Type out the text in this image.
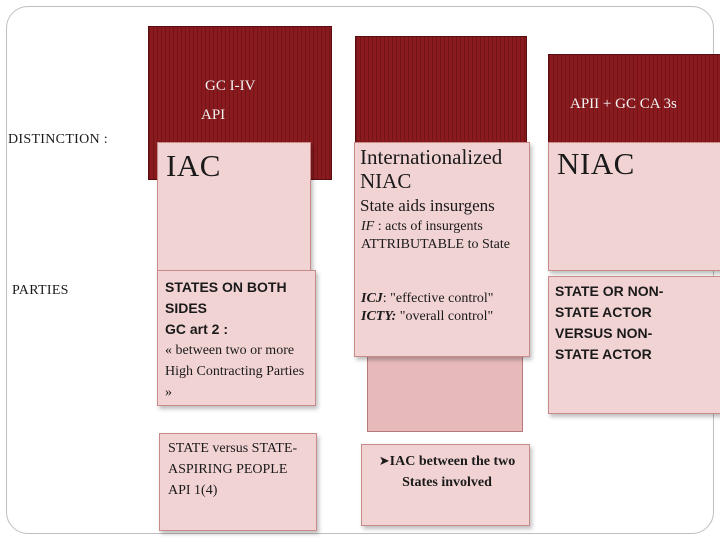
DISTINCTION :
PARTIES
GC I-IV
API
IAC
STATES ON BOTH SIDES
GC art 2 :
« between two or more High Contracting Parties »
STATE versus STATE-ASPIRING PEOPLE API 1(4)
Internationalized NIAC
State aids insurgens
IF : acts of insurgents ATTRIBUTABLE to State
ICJ: "effective control"
ICTY: "overall control"
➤IAC between the two States involved
APII + GC CA 3s
NIAC
STATE OR NON-STATE ACTOR VERSUS NON-STATE ACTOR
